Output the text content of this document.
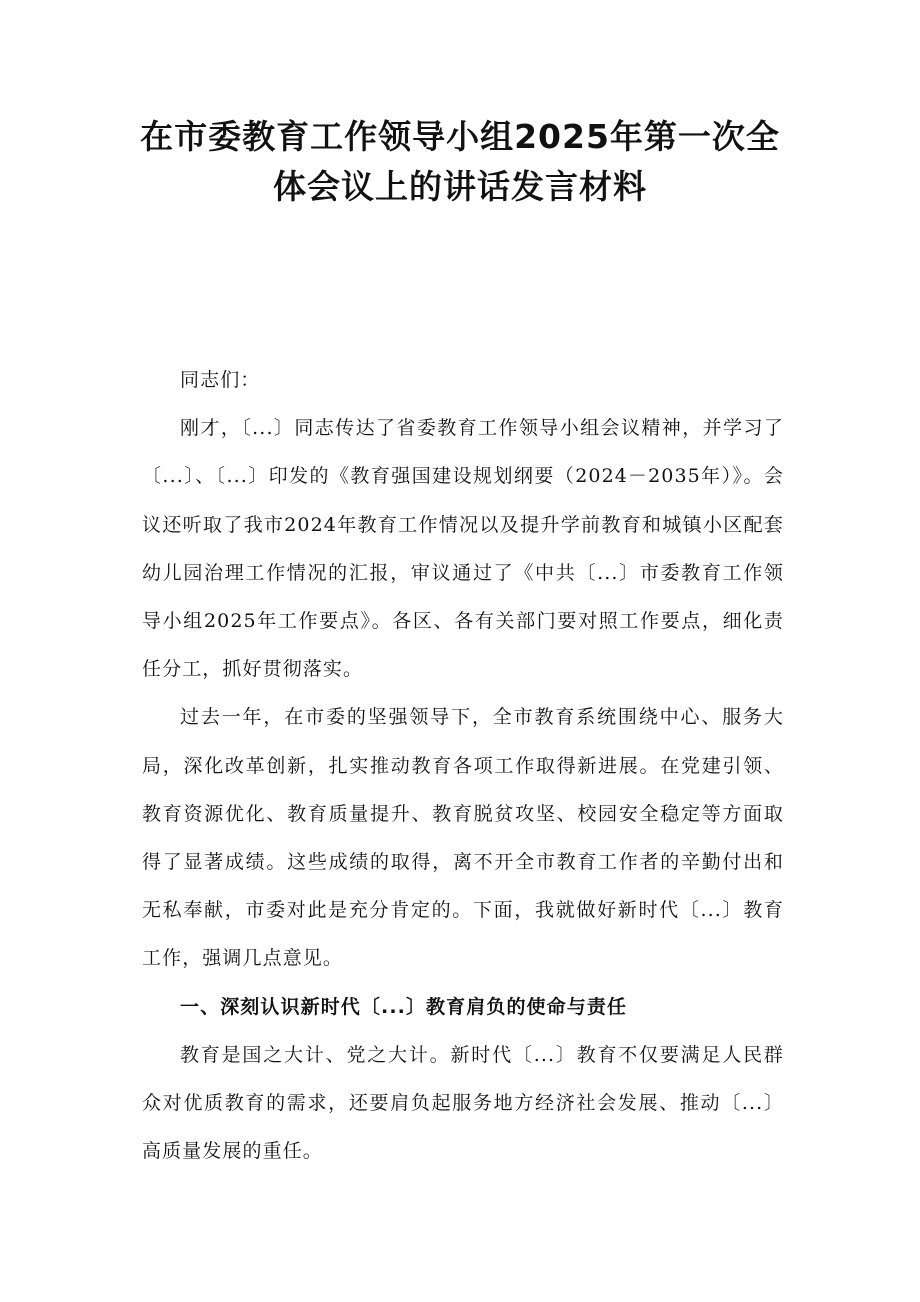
在市委教育工作领导小组2025年第一次全
体会议上的讲话发言材料

同志们：

刚才，〔...〕同志传达了省委教育工作领导小组会议精神，并学习了〔...〕、〔...〕印发的《教育强国建设规划纲要（2024－2035年）》。会议还听取了我市2024年教育工作情况以及提升学前教育和城镇小区配套幼儿园治理工作情况的汇报，审议通过了《中共〔...〕市委教育工作领导小组2025年工作要点》。各区、各有关部门要对照工作要点，细化责任分工，抓好贯彻落实。

过去一年，在市委的坚强领导下，全市教育系统围绕中心、服务大局，深化改革创新，扎实推动教育各项工作取得新进展。在党建引领、教育资源优化、教育质量提升、教育脱贫攻坚、校园安全稳定等方面取得了显著成绩。这些成绩的取得，离不开全市教育工作者的辛勤付出和无私奉献，市委对此是充分肯定的。下面，我就做好新时代〔...〕教育工作，强调几点意见。

一、深刻认识新时代〔...〕教育肩负的使命与责任

教育是国之大计、党之大计。新时代〔...〕教育不仅要满足人民群众对优质教育的需求，还要肩负起服务地方经济社会发展、推动〔...〕高质量发展的重任。
